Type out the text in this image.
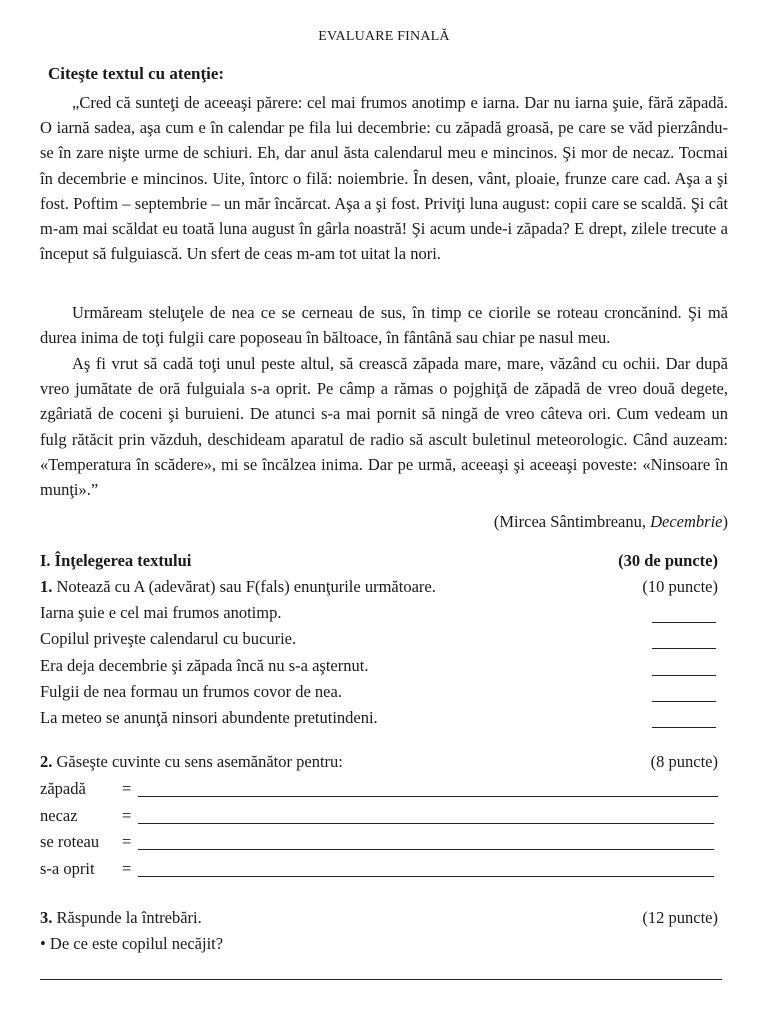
EVALUARE FINALĂ
Citeşte textul cu atenţie:

„Cred că sunteţi de aceeaşi părere: cel mai frumos anotimp e iarna. Dar nu iarna şuie, fără zăpadă. O iarnă sadea, aşa cum e în calendar pe fila lui decembrie: cu zăpadă groasă, pe care se văd pierzându-se în zare nişte urme de schiuri. Eh, dar anul ăsta calendarul meu e mincinos. Şi mor de necaz. Tocmai în decembrie e mincinos. Uite, întorc o filă: noiembrie. În desen, vânt, ploaie, frunze care cad. Aşa a şi fost. Poftim – septembrie – un măr încărcat. Aşa a şi fost. Priviţi luna august: copii care se scaldă. Şi cât m-am mai scăldat eu toată luna august în gârla noastră! Şi acum unde-i zăpada? E drept, zilele trecute a început să fulguiască. Un sfert de ceas m-am tot uitat la nori.

Urmăream steluţele de nea ce se cerneau de sus, în timp ce ciorile se roteau croncănind. Şi mă durea inima de toţi fulgii care poposeau în băltoace, în fântână sau chiar pe nasul meu.

Aş fi vrut să cadă toţi unul peste altul, să crească zăpada mare, mare, văzând cu ochii. Dar după vreo jumătate de oră fulguiala s-a oprit. Pe câmp a rămas o pojghiţă de zăpadă de vreo două degete, zgâriată de coceni şi buruieni. De atunci s-a mai pornit să ningă de vreo câteva ori. Cum vedeam un fulg rătăcit prin văzduh, deschideam aparatul de radio să ascult buletinul meteorologic. Când auzeam: «Temperatura în scădere», mi se încălzea inima. Dar pe urmă, aceeaşi şi aceeaşi poveste: «Ninsoare în munţi».”

(Mircea Sântimbreanu, Decembrie)
I. Înţelegerea textului	(30 de puncte)
1. Notează cu A (adevărat) sau F(fals) enunţurile următoare.	(10 puncte)
Iarna şuie e cel mai frumos anotimp.
Copilul priveşte calendarul cu bucurie.
Era deja decembrie şi zăpada încă nu s-a aşternut.
Fulgii de nea formau un frumos covor de nea.
La meteo se anunţă ninsori abundente pretutindeni.
2. Găseşte cuvinte cu sens asemănător pentru:	(8 puncte)
zăpadă =
necaz	=
se roteau =
s-a oprit =
3. Răspunde la întrebări.	(12 puncte)
• De ce este copilul necăjit?
